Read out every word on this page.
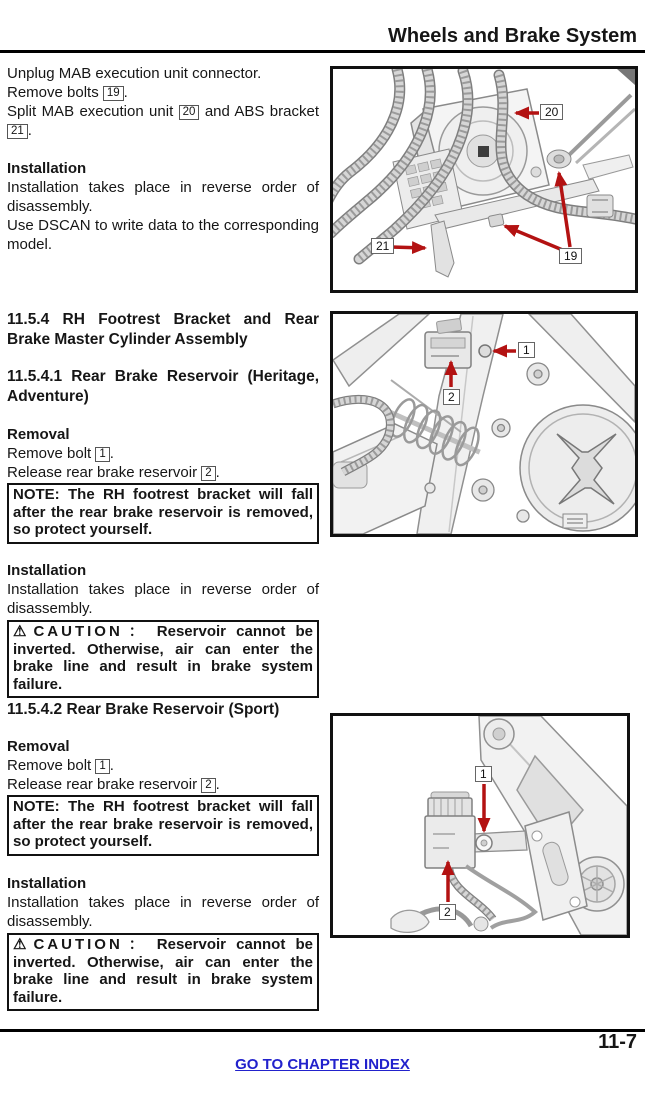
Wheels and Brake System

Unplug MAB execution unit connector.
Remove bolts 19 .
Split MAB execution unit 20 and ABS bracket 21 .

Installation
Installation takes place in reverse order of disassembly.
Use DSCAN to write data to the corresponding model.
11.5.4 RH Footrest Bracket and Rear Brake Master Cylinder Assembly
11.5.4.1 Rear Brake Reservoir (Heritage, Adventure)
Removal
Remove bolt 1 .
Release rear brake reservoir 2 .
NOTE: The RH footrest bracket will fall after the rear brake reservoir is removed, so protect yourself.
Installation
Installation takes place in reverse order of disassembly.
⚠CAUTION： Reservoir cannot be inverted. Otherwise, air can enter the brake line and result in brake system failure.
11.5.4.2 Rear Brake Reservoir (Sport)
Removal
Remove bolt 1 .
Release rear brake reservoir 2 .
NOTE: The RH footrest bracket will fall after the rear brake reservoir is removed, so protect yourself.
Installation
Installation takes place in reverse order of disassembly.
⚠CAUTION： Reservoir cannot be inverted. Otherwise, air can enter the brake line and result in brake system failure.
20
21
19
1
2
1
2
11-7
GO TO CHAPTER INDEX
